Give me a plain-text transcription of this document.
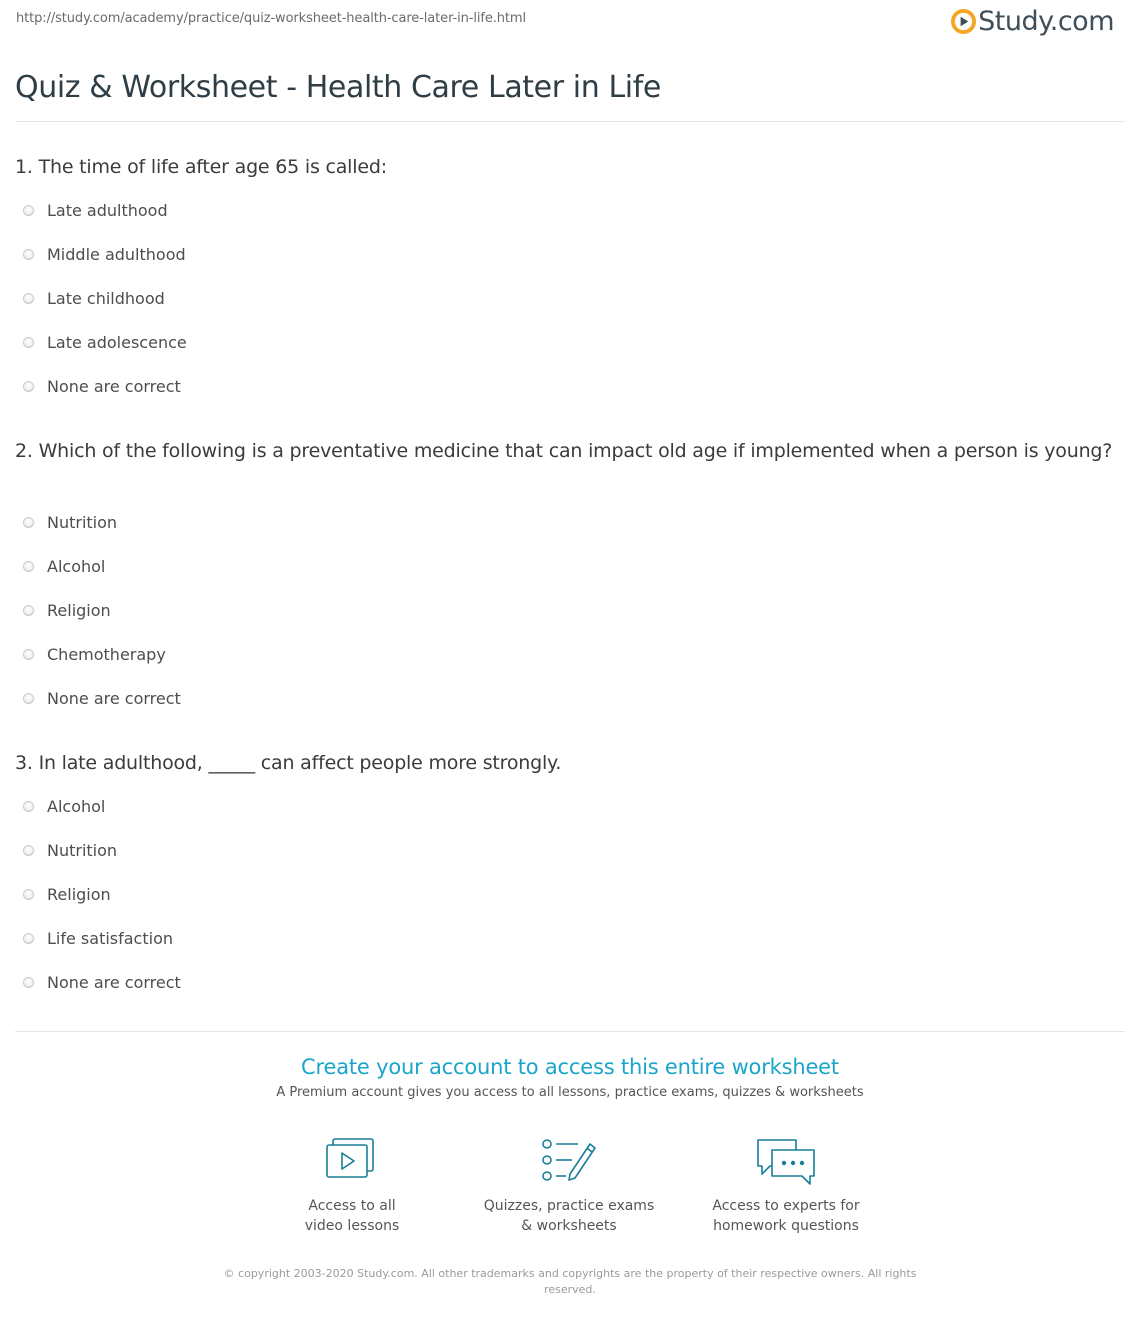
http://study.com/academy/practice/quiz-worksheet-health-care-later-in-life.html	Study.com
Quiz & Worksheet - Health Care Later in Life
1. The time of life after age 65 is called:
Late adulthood
Middle adulthood
Late childhood
Late adolescence
None are correct
2. Which of the following is a preventative medicine that can impact old age if implemented when a person is young?
Nutrition
Alcohol
Religion
Chemotherapy
None are correct
3. In late adulthood, _____ can affect people more strongly.
Alcohol
Nutrition
Religion
Life satisfaction
None are correct
Create your account to access this entire worksheet
A Premium account gives you access to all lessons, practice exams, quizzes & worksheets
Access to all
video lessons
Quizzes, practice exams
& worksheets
Access to experts for
homework questions
© copyright 2003-2020 Study.com. All other trademarks and copyrights are the property of their respective owners. All rights
reserved.
